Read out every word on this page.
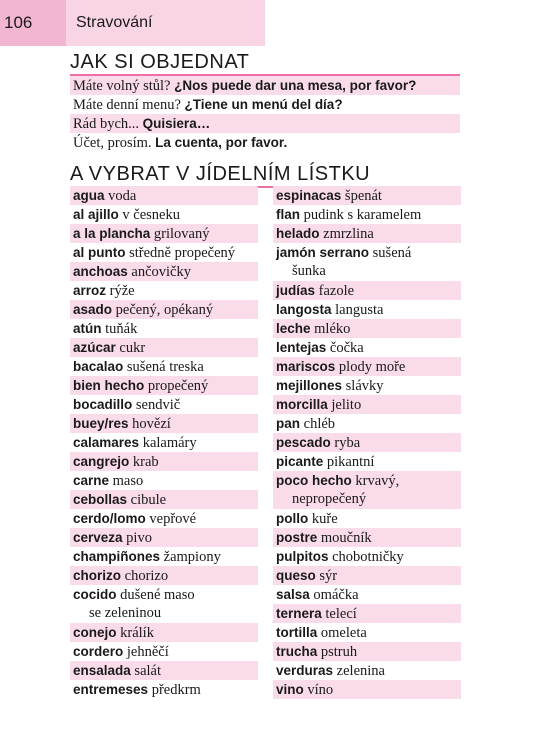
106	Stravování
JAK SI OBJEDNAT
Máte volný stůl? ¿Nos puede dar una mesa, por favor?
Máte denní menu? ¿Tiene un menú del día?
Rád bych... Quisiera…
Účet, prosím. La cuenta, por favor.
A VYBRAT V JÍDELNÍM LÍSTKU
agua voda
al ajillo v česneku
a la plancha grilovaný
al punto středně propečený
anchoas ančovičky
arroz rýže
asado pečený, opékaný
atún tuňák
azúcar cukr
bacalao sušená treska
bien hecho propečený
bocadillo sendvič
buey/res hovězí
calamares kalamáry
cangrejo krab
carne maso
cebollas cibule
cerdo/lomo vepřové
cerveza pivo
champiñones žampiony
chorizo chorizo
cocido dušené maso
se zeleninou
conejo králík
cordero jehněčí
ensalada salát
entremeses předkrm
espinacas špenát
flan pudink s karamelem
helado zmrzlina
jamón serrano sušená
šunka
judías fazole
langosta langusta
leche mléko
lentejas čočka
mariscos plody moře
mejillones slávky
morcilla jelito
pan chléb
pescado ryba
picante pikantní
poco hecho krvavý,
nepropečený
pollo kuře
postre moučník
pulpitos chobotničky
queso sýr
salsa omáčka
ternera telecí
tortilla omeleta
trucha pstruh
verduras zelenina
vino víno
